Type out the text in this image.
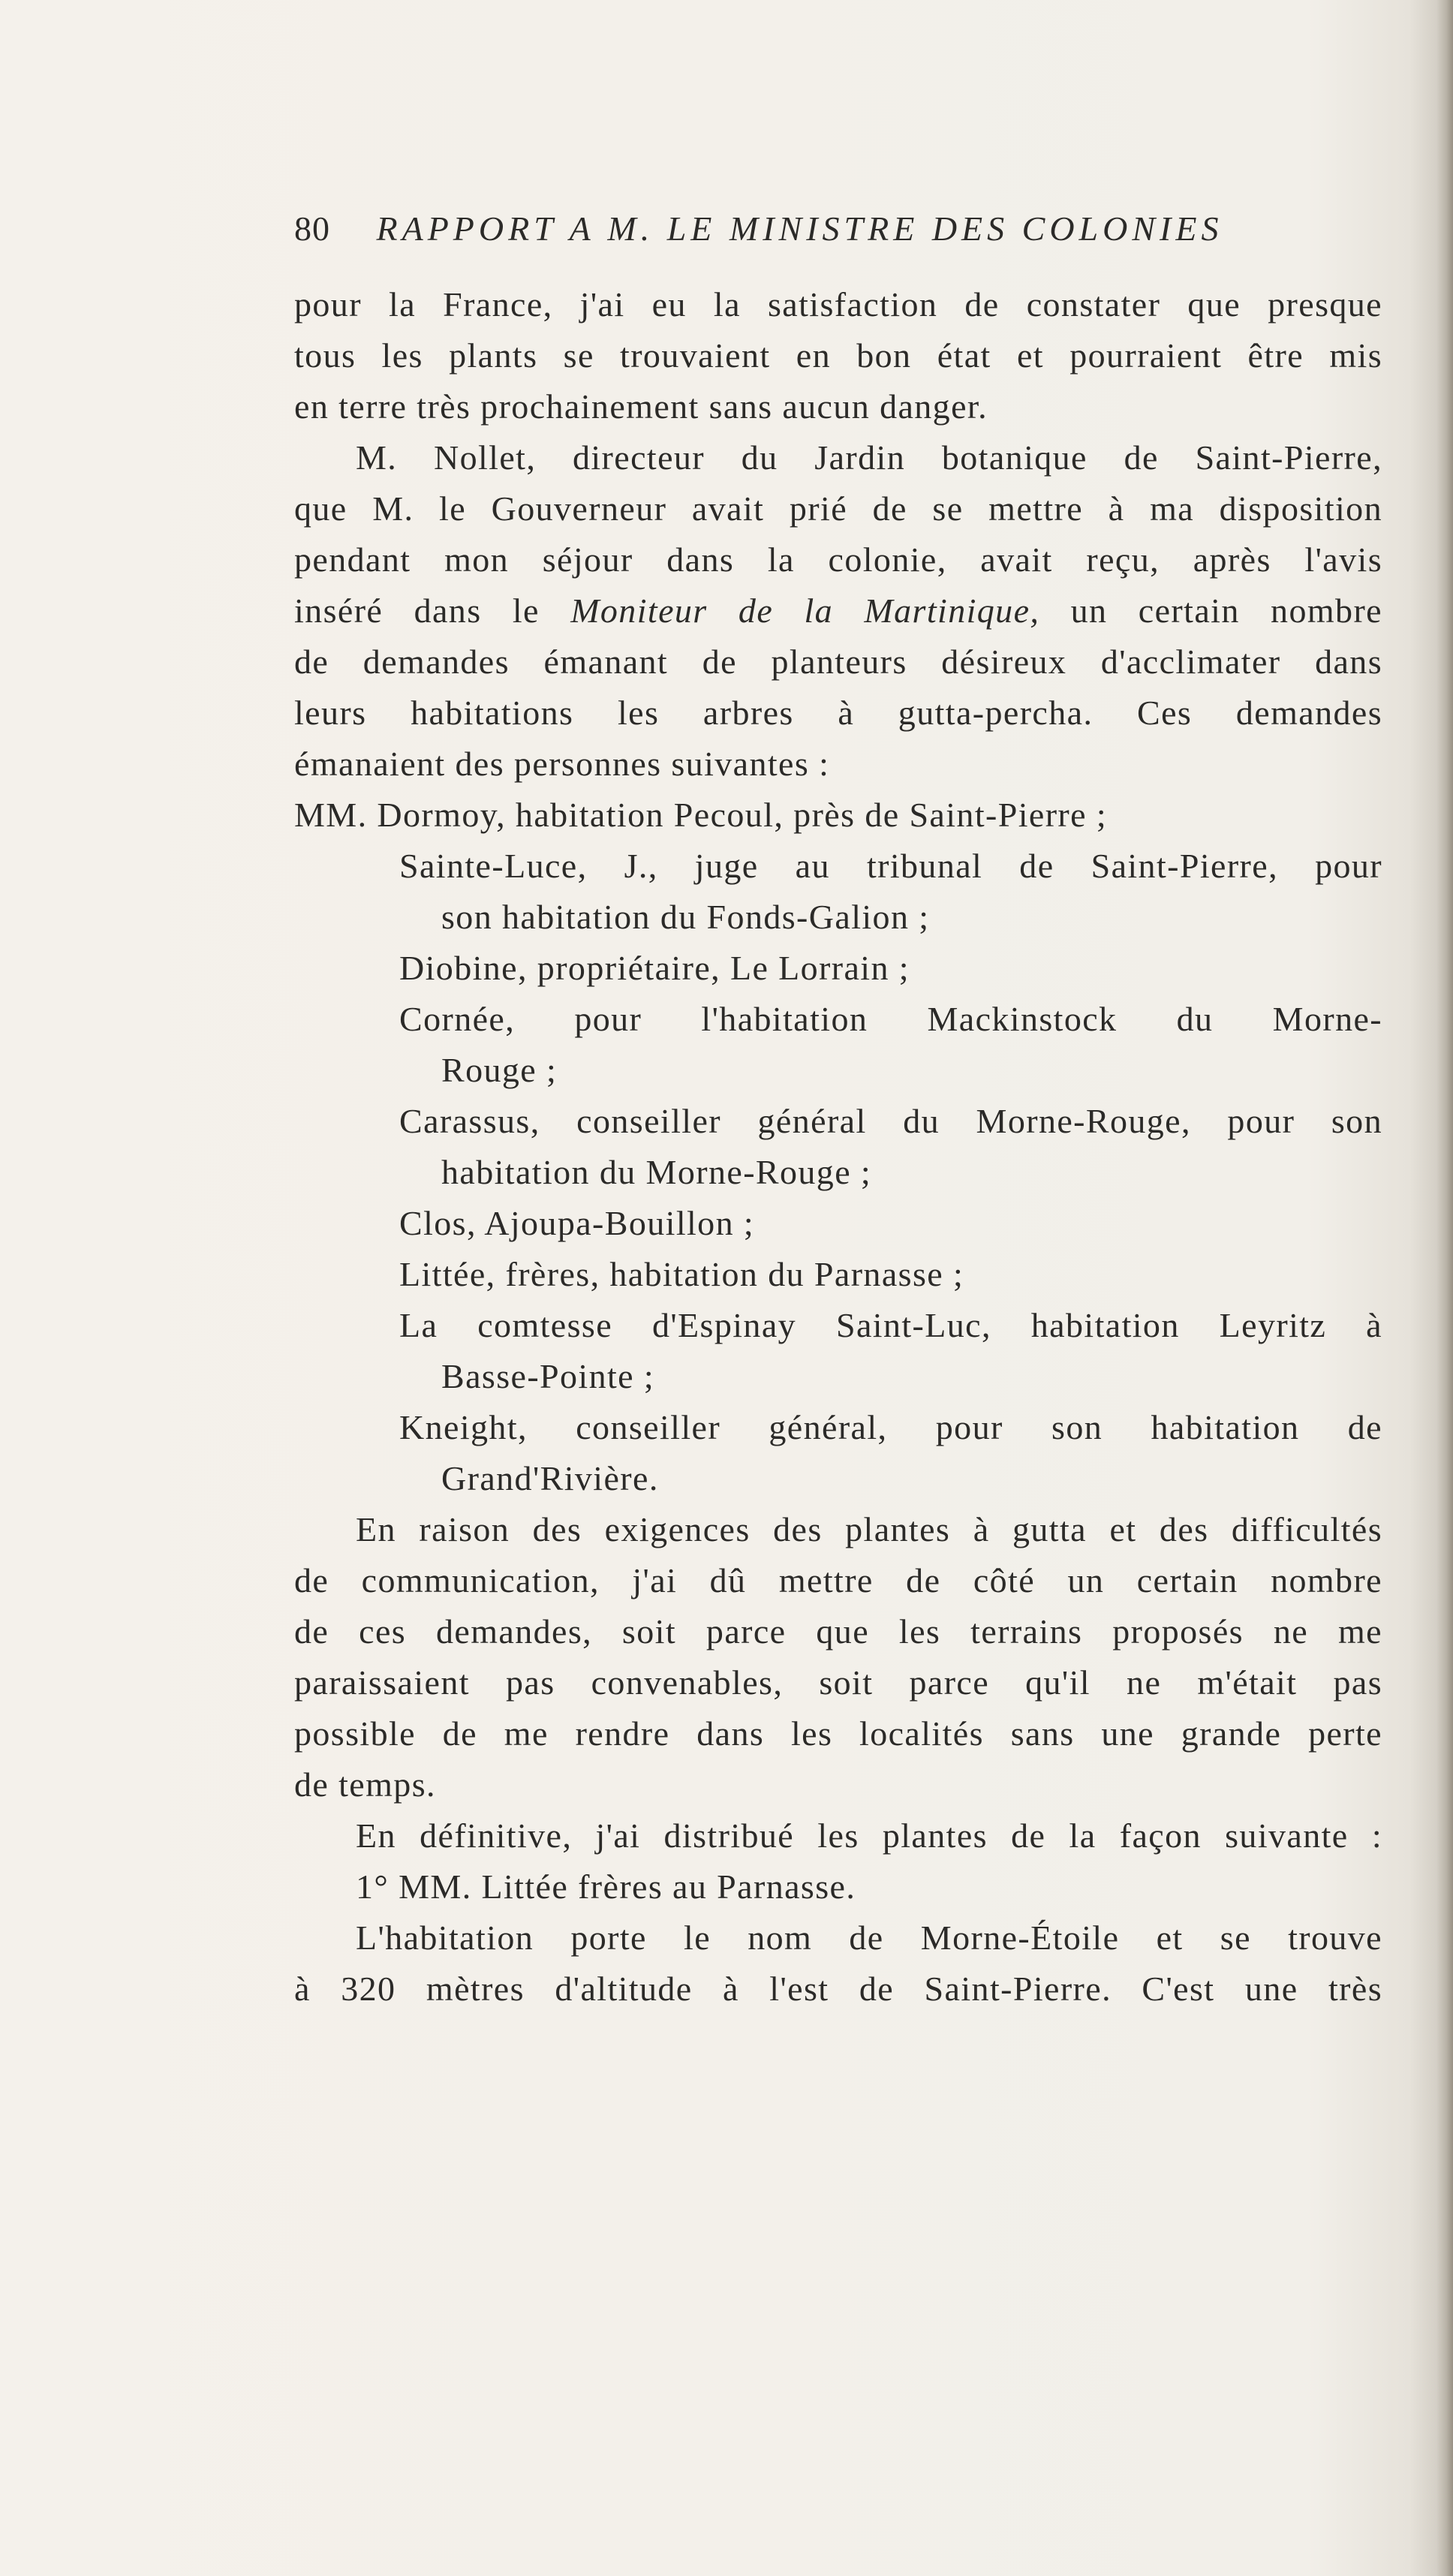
80 RAPPORT A M. LE MINISTRE DES COLONIES
pour la France, j'ai eu la satisfaction de constater que presque
tous les plants se trouvaient en bon état et pourraient être mis
en terre très prochainement sans aucun danger.
M. Nollet, directeur du Jardin botanique de Saint-Pierre,
que M. le Gouverneur avait prié de se mettre à ma disposition
pendant mon séjour dans la colonie, avait reçu, après l'avis
inséré dans le Moniteur de la Martinique, un certain nombre
de demandes émanant de planteurs désireux d'acclimater dans
leurs habitations les arbres à gutta-percha. Ces demandes
émanaient des personnes suivantes :
MM. Dormoy, habitation Pecoul, près de Saint-Pierre ;
Sainte-Luce, J., juge au tribunal de Saint-Pierre, pour
son habitation du Fonds-Galion ;
Diobine, propriétaire, Le Lorrain ;
Cornée, pour l'habitation Mackinstock du Morne-
Rouge ;
Carassus, conseiller général du Morne-Rouge, pour son
habitation du Morne-Rouge ;
Clos, Ajoupa-Bouillon ;
Littée, frères, habitation du Parnasse ;
La comtesse d'Espinay Saint-Luc, habitation Leyritz à
Basse-Pointe ;
Kneight, conseiller général, pour son habitation de
Grand'Rivière.
En raison des exigences des plantes à gutta et des difficultés
de communication, j'ai dû mettre de côté un certain nombre
de ces demandes, soit parce que les terrains proposés ne me
paraissaient pas convenables, soit parce qu'il ne m'était pas
possible de me rendre dans les localités sans une grande perte
de temps.
En définitive, j'ai distribué les plantes de la façon suivante :
1° MM. Littée frères au Parnasse.
L'habitation porte le nom de Morne-Étoile et se trouve
à 320 mètres d'altitude à l'est de Saint-Pierre. C'est une très
